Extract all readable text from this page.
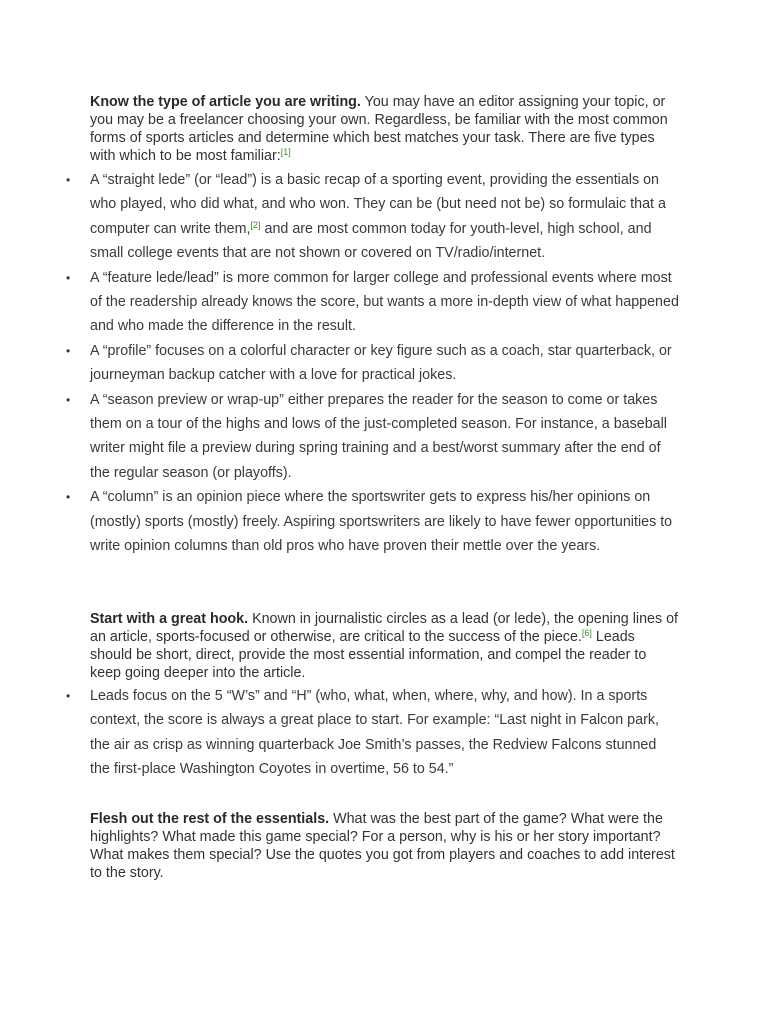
Know the type of article you are writing. You may have an editor assigning your topic, or you may be a freelancer choosing your own. Regardless, be familiar with the most common forms of sports articles and determine which best matches your task. There are five types with which to be most familiar:[1]

• A “straight lede” (or “lead”) is a basic recap of a sporting event, providing the essentials on who played, who did what, and who won. They can be (but need not be) so formulaic that a computer can write them,[2] and are most common today for youth-level, high school, and small college events that are not shown or covered on TV/radio/internet.
• A “feature lede/lead” is more common for larger college and professional events where most of the readership already knows the score, but wants a more in-depth view of what happened and who made the difference in the result.
• A “profile” focuses on a colorful character or key figure such as a coach, star quarterback, or journeyman backup catcher with a love for practical jokes.
• A “season preview or wrap-up” either prepares the reader for the season to come or takes them on a tour of the highs and lows of the just-completed season. For instance, a baseball writer might file a preview during spring training and a best/worst summary after the end of the regular season (or playoffs).
• A “column” is an opinion piece where the sportswriter gets to express his/her opinions on (mostly) sports (mostly) freely. Aspiring sportswriters are likely to have fewer opportunities to write opinion columns than old pros who have proven their mettle over the years.

Start with a great hook. Known in journalistic circles as a lead (or lede), the opening lines of an article, sports-focused or otherwise, are critical to the success of the piece.[6] Leads should be short, direct, provide the most essential information, and compel the reader to keep going deeper into the article.

• Leads focus on the 5 “W’s” and “H” (who, what, when, where, why, and how). In a sports context, the score is always a great place to start. For example: “Last night in Falcon park, the air as crisp as winning quarterback Joe Smith’s passes, the Redview Falcons stunned the first-place Washington Coyotes in overtime, 56 to 54.”

Flesh out the rest of the essentials. What was the best part of the game? What were the highlights? What made this game special? For a person, why is his or her story important? What makes them special? Use the quotes you got from players and coaches to add interest to the story.
